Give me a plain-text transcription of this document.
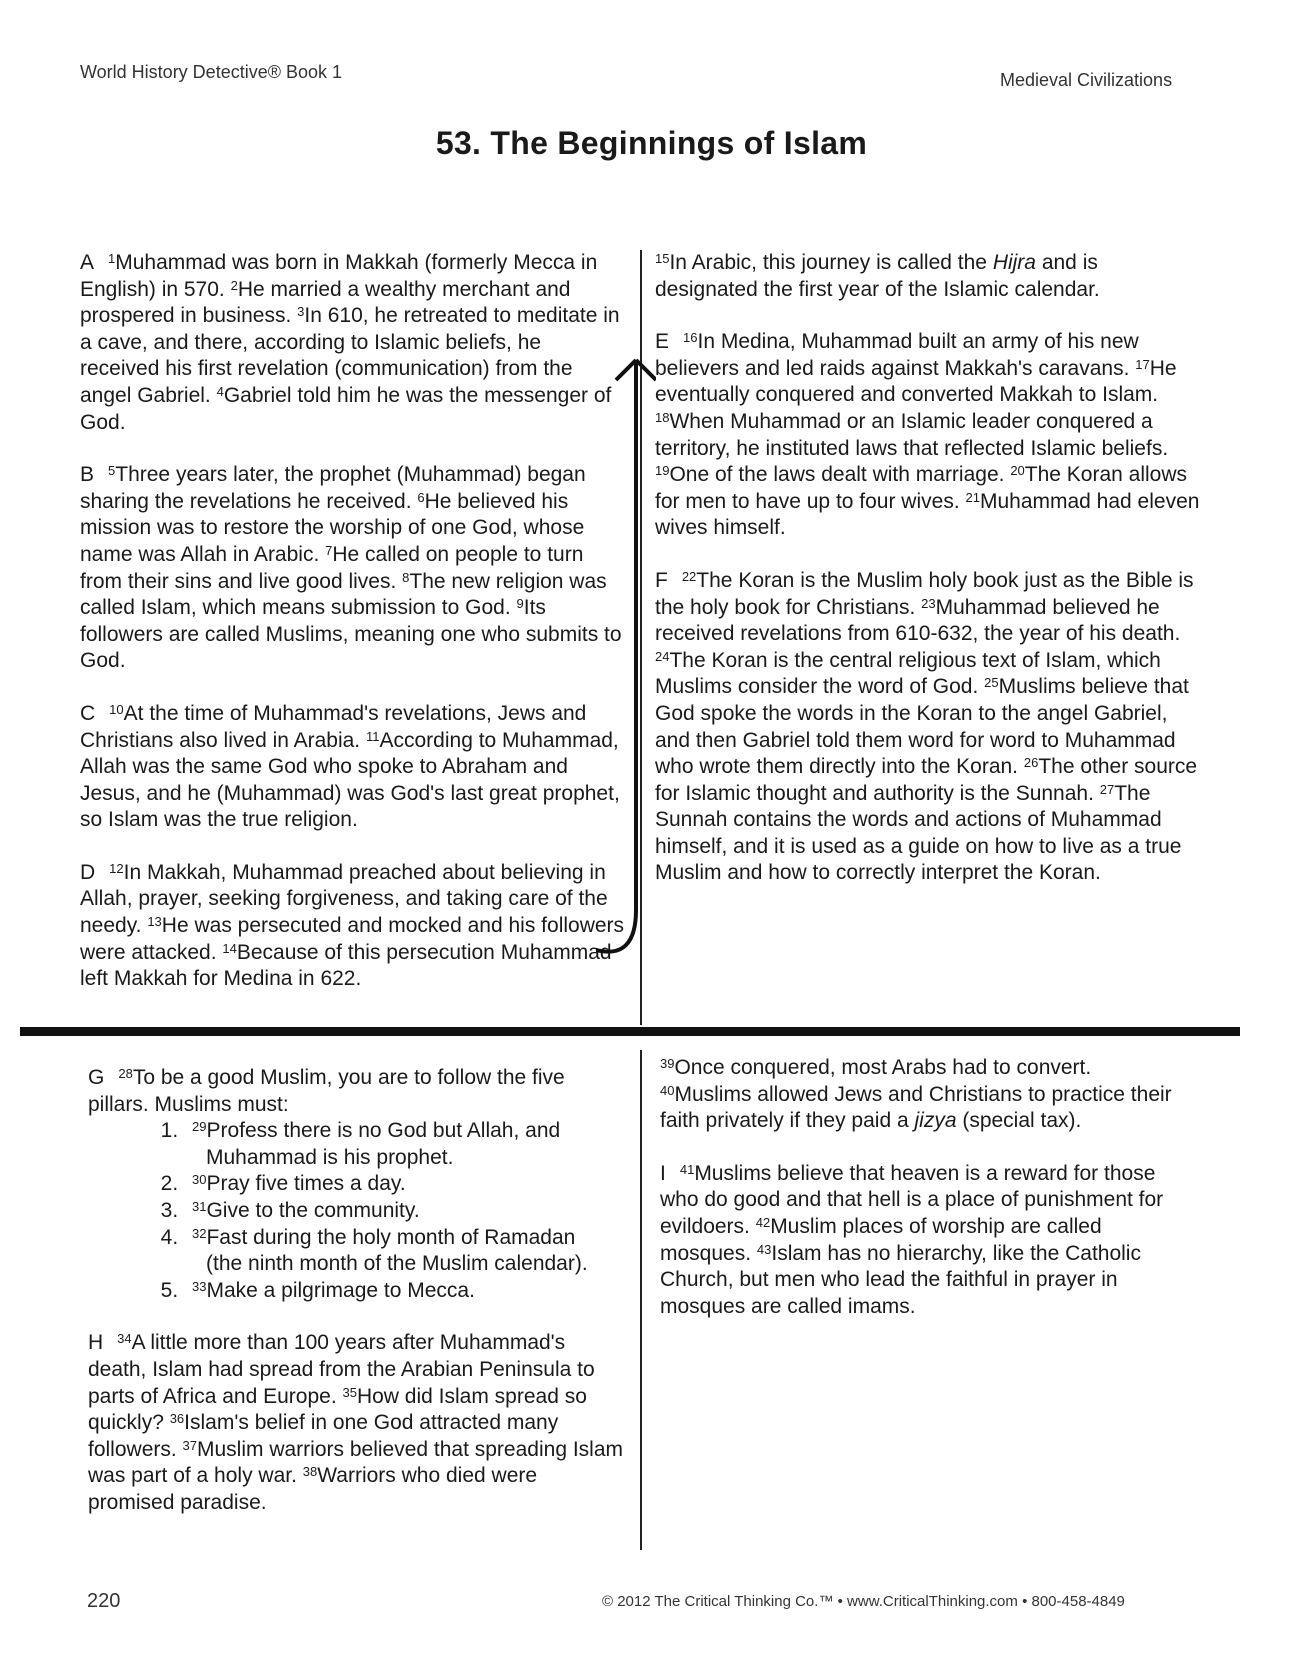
World History Detective® Book 1	Medieval Civilizations
53. The Beginnings of Islam

A $^1$Muhammad was born in Makkah (formerly Mecca in English) in 570. $^2$He married a wealthy merchant and prospered in business. $^3$In 610, he retreated to meditate in a cave, and there, according to Islamic beliefs, he received his first revelation (communication) from the angel Gabriel. $^4$Gabriel told him he was the messenger of God.

B $^5$Three years later, the prophet (Muhammad) began sharing the revelations he received. $^6$He believed his mission was to restore the worship of one God, whose name was Allah in Arabic. $^7$He called on people to turn from their sins and live good lives. $^8$The new religion was called Islam, which means submission to God. $^9$Its followers are called Muslims, meaning one who submits to God.

C $^{10}$At the time of Muhammad's revelations, Jews and Christians also lived in Arabia. $^{11}$According to Muhammad, Allah was the same God who spoke to Abraham and Jesus, and he (Muhammad) was God's last great prophet, so Islam was the true religion.

D $^{12}$In Makkah, Muhammad preached about believing in Allah, prayer, seeking forgiveness, and taking care of the needy. $^{13}$He was persecuted and mocked and his followers were attacked. $^{14}$Because of this persecution Muhammad left Makkah for Medina in 622.

$^{15}$In Arabic, this journey is called the Hijra and is designated the first year of the Islamic calendar.

E $^{16}$In Medina, Muhammad built an army of his new believers and led raids against Makkah's caravans. $^{17}$He eventually conquered and converted Makkah to Islam. $^{18}$When Muhammad or an Islamic leader conquered a territory, he instituted laws that reflected Islamic beliefs. $^{19}$One of the laws dealt with marriage. $^{20}$The Koran allows for men to have up to four wives. $^{21}$Muhammad had eleven wives himself.

F $^{22}$The Koran is the Muslim holy book just as the Bible is the holy book for Christians. $^{23}$Muhammad believed he received revelations from 610-632, the year of his death. $^{24}$The Koran is the central religious text of Islam, which Muslims consider the word of God. $^{25}$Muslims believe that God spoke the words in the Koran to the angel Gabriel, and then Gabriel told them word for word to Muhammad who wrote them directly into the Koran. $^{26}$The other source for Islamic thought and authority is the Sunnah. $^{27}$The Sunnah contains the words and actions of Muhammad himself, and it is used as a guide on how to live as a true Muslim and how to correctly interpret the Koran.

G $^{28}$To be a good Muslim, you are to follow the five pillars. Muslims must:
1. $^{29}$Profess there is no God but Allah, and
Muhammad is his prophet.
2. $^{30}$Pray five times a day.
3. $^{31}$Give to the community.
4. $^{32}$Fast during the holy month of Ramadan
(the ninth month of the Muslim calendar).
5. $^{33}$Make a pilgrimage to Mecca.

H $^{34}$A little more than 100 years after Muhammad's death, Islam had spread from the Arabian Peninsula to parts of Africa and Europe. $^{35}$How did Islam spread so quickly? $^{36}$Islam's belief in one God attracted many followers. $^{37}$Muslim warriors believed that spreading Islam was part of a holy war. $^{38}$Warriors who died were promised paradise.

$^{39}$Once conquered, most Arabs had to convert. $^{40}$Muslims allowed Jews and Christians to practice their faith privately if they paid a jizya (special tax).

I $^{41}$Muslims believe that heaven is a reward for those who do good and that hell is a place of punishment for evildoers. $^{42}$Muslim places of worship are called mosques. $^{43}$Islam has no hierarchy, like the Catholic Church, but men who lead the faithful in prayer in mosques are called imams.

220	© 2012 The Critical Thinking Co.™ • www.CriticalThinking.com • 800-458-4849
